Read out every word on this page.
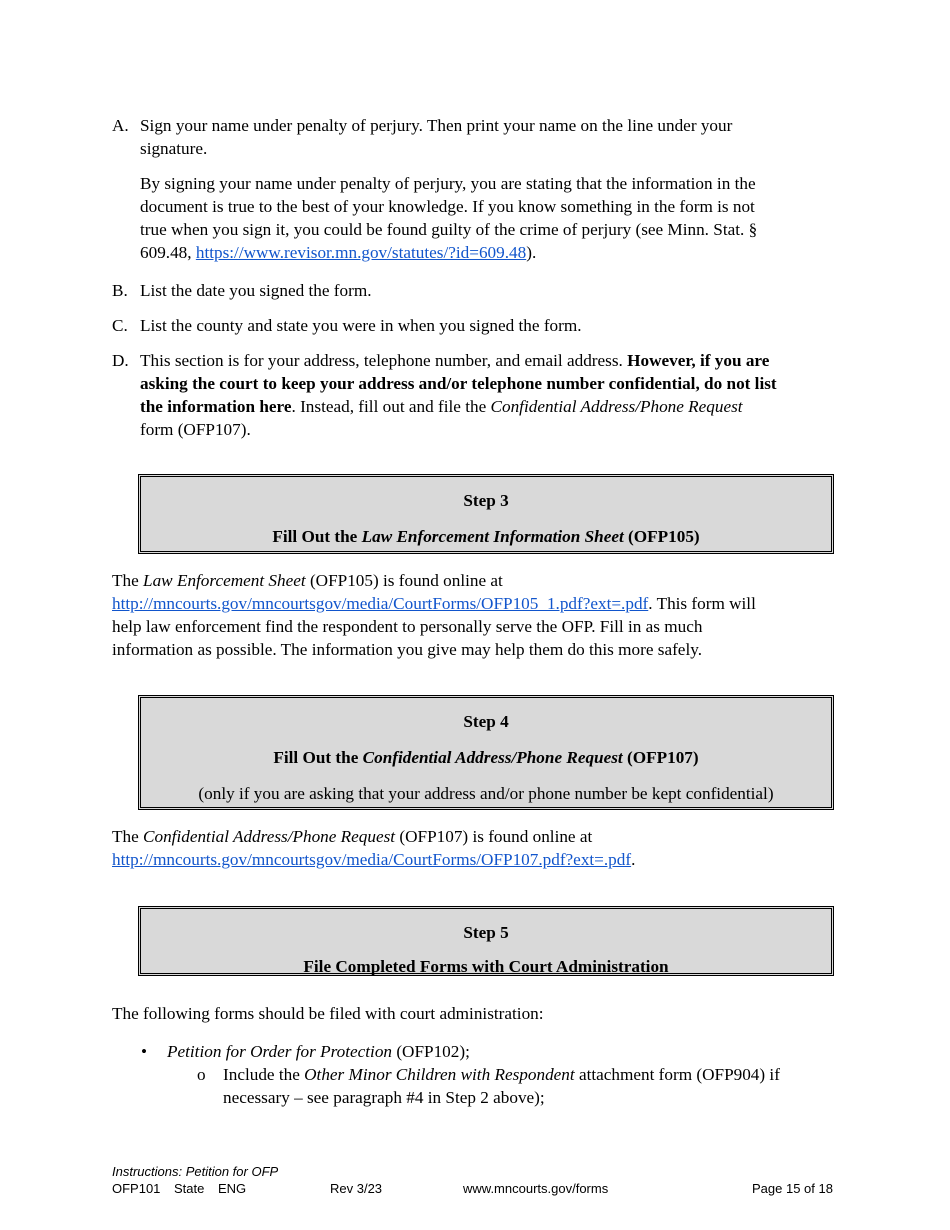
A. Sign your name under penalty of perjury. Then print your name on the line under your
signature.

By signing your name under penalty of perjury, you are stating that the information in the
document is true to the best of your knowledge. If you know something in the form is not
true when you sign it, you could be found guilty of the crime of perjury (see Minn. Stat. §
609.48, https://www.revisor.mn.gov/statutes/?id=609.48).

B. List the date you signed the form.

C. List the county and state you were in when you signed the form.

D. This section is for your address, telephone number, and email address. However, if you are
asking the court to keep your address and/or telephone number confidential, do not list
the information here. Instead, fill out and file the Confidential Address/Phone Request
form (OFP107).

Step 3
Fill Out the Law Enforcement Information Sheet (OFP105)

The Law Enforcement Sheet (OFP105) is found online at
http://mncourts.gov/mncourtsgov/media/CourtForms/OFP105_1.pdf?ext=.pdf. This form will
help law enforcement find the respondent to personally serve the OFP. Fill in as much
information as possible. The information you give may help them do this more safely.

Step 4
Fill Out the Confidential Address/Phone Request (OFP107)
(only if you are asking that your address and/or phone number be kept confidential)

The Confidential Address/Phone Request (OFP107) is found online at
http://mncourts.gov/mncourtsgov/media/CourtForms/OFP107.pdf?ext=.pdf.

Step 5
File Completed Forms with Court Administration

The following forms should be filed with court administration:

• Petition for Order for Protection (OFP102);

o Include the Other Minor Children with Respondent attachment form (OFP904) if
necessary – see paragraph #4 in Step 2 above);

Instructions: Petition for OFP
OFP101 State ENG	Rev 3/23	www.mncourts.gov/forms	Page 15 of 18
